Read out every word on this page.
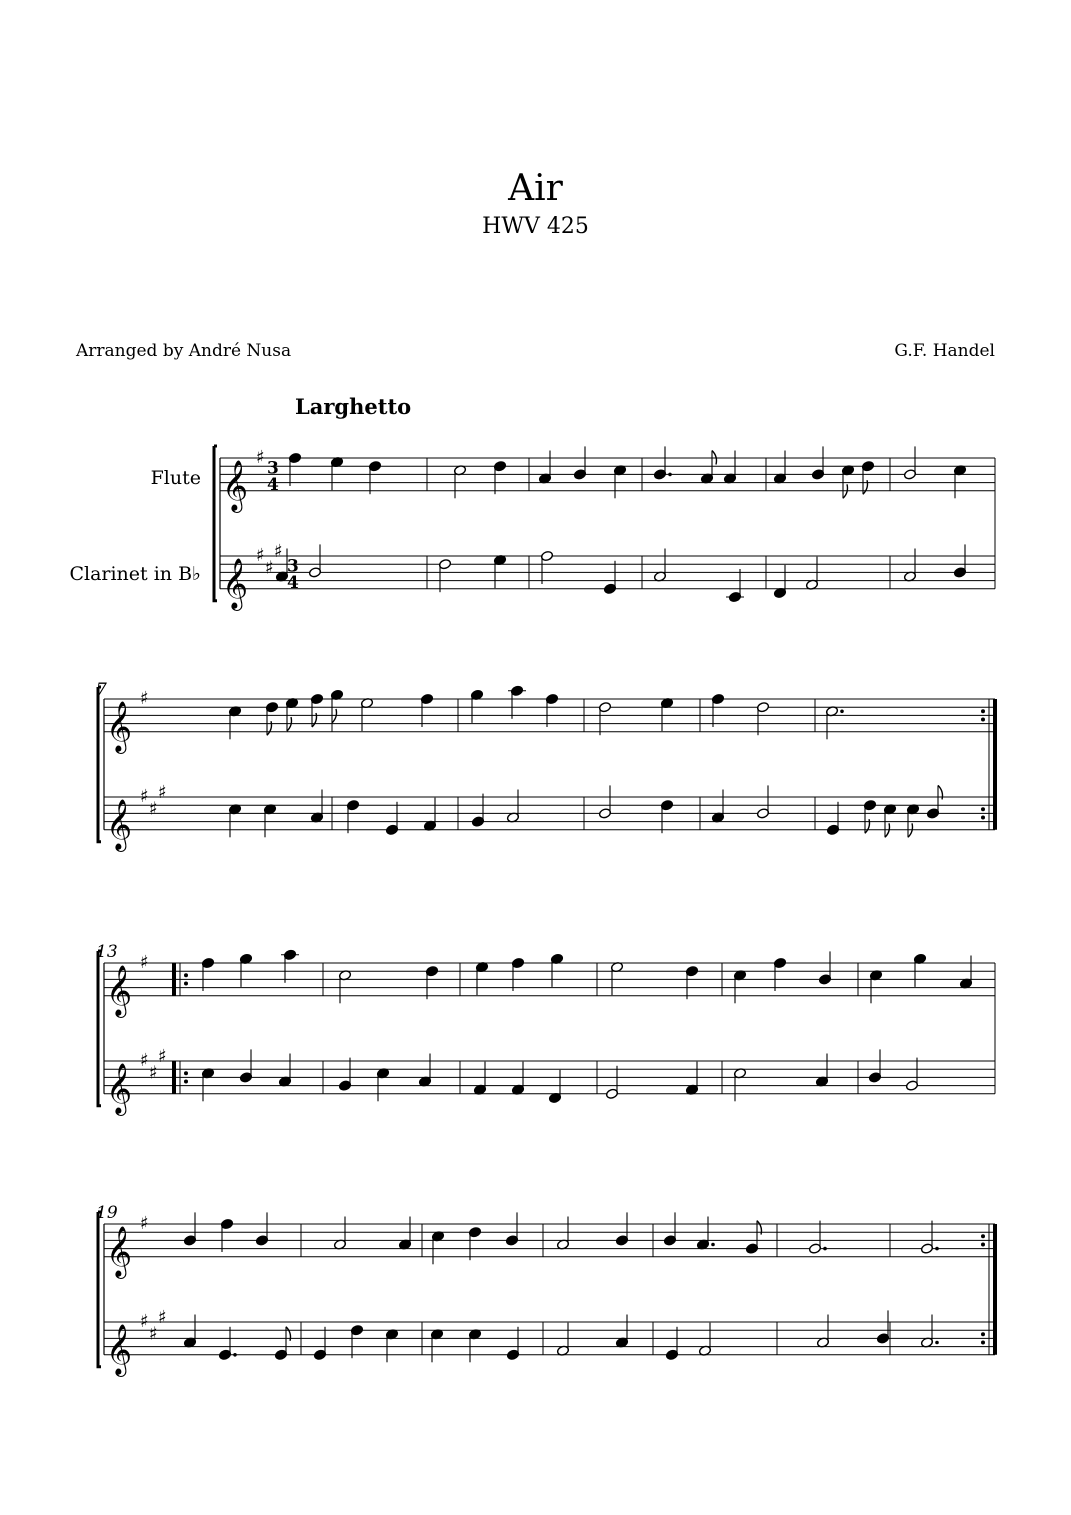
Air
HWV 425
Arranged by André Nusa	G.F. Handel
Larghetto
Flute
Clarinet in B♭
7
13
19
𝄞
♯
3
4
𝄞
♯
♯
♯
3
4
𝄞
♯
𝄞
♯
♯
♯
𝄞
♯
𝄞
♯
♯
♯
𝄞
♯
𝄞
♯
♯
♯
